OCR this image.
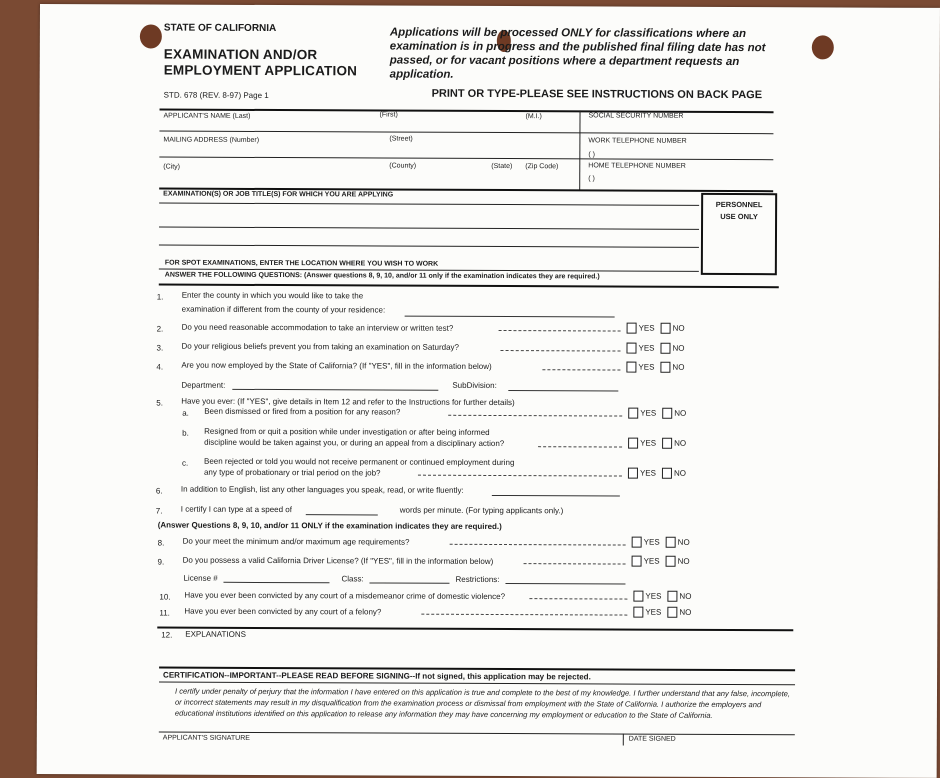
STATE OF CALIFORNIA
EXAMINATION AND/OR
EMPLOYMENT APPLICATION
Applications will be processed ONLY for classifications where an examination is in progress and the published final filing date has not passed, or for vacant positions where a department requests an application.
STD. 678 (REV. 8-97) Page 1	PRINT OR TYPE-PLEASE SEE INSTRUCTIONS ON BACK PAGE
APPLICANT'S NAME (Last)	(First)	(M.I.)	SOCIAL SECURITY NUMBER
MAILING ADDRESS (Number)	(Street)	WORK TELEPHONE NUMBER
( )
(City)	(County)	(State) (Zip Code)	HOME TELEPHONE NUMBER
( )
EXAMINATION(S) OR JOB TITLE(S) FOR WHICH YOU ARE APPLYING
PERSONNEL
USE ONLY
FOR SPOT EXAMINATIONS, ENTER THE LOCATION WHERE YOU WISH TO WORK
ANSWER THE FOLLOWING QUESTIONS: (Answer questions 8, 9, 10, and/or 11 only if the examination indicates they are required.)
1. Enter the county in which you would like to take the
examination if different from the county of your residence:
2. Do you need reasonable accommodation to take an interview or written test?	YES NO
3. Do your religious beliefs prevent you from taking an examination on Saturday?	YES NO
4. Are you now employed by the State of California? (If "YES", fill in the information below)	YES NO
Department:	SubDivision:
5. Have you ever: (If "YES", give details in Item 12 and refer to the Instructions for further details)
a. Been dismissed or fired from a position for any reason?	YES NO
b. Resigned from or quit a position while under investigation or after being informed
discipline would be taken against you, or during an appeal from a disciplinary action?	YES NO
c. Been rejected or told you would not receive permanent or continued employment during
any type of probationary or trial period on the job?	YES NO
6. In addition to English, list any other languages you speak, read, or write fluently:
7. I certify I can type at a speed of	words per minute. (For typing applicants only.)
(Answer Questions 8, 9, 10, and/or 11 ONLY if the examination indicates they are required.)
8. Do your meet the minimum and/or maximum age requirements?	YES NO
9. Do you possess a valid California Driver License? (If "YES", fill in the information below)	YES NO
License #	Class:	Restrictions:
10. Have you ever been convicted by any court of a misdemeanor crime of domestic violence?	YES NO
11. Have you ever been convicted by any court of a felony?	YES NO
12. EXPLANATIONS
CERTIFICATION--IMPORTANT--PLEASE READ BEFORE SIGNING--If not signed, this application may be rejected.
I certify under penalty of perjury that the information I have entered on this application is true and complete to the best of my knowledge. I further understand that any false, incomplete, or incorrect statements may result in my disqualification from the examination process or dismissal from employment with the State of California. I authorize the employers and educational institutions identified on this application to release any information they may have concerning my employment or education to the State of California.
APPLICANT'S SIGNATURE	DATE SIGNED
